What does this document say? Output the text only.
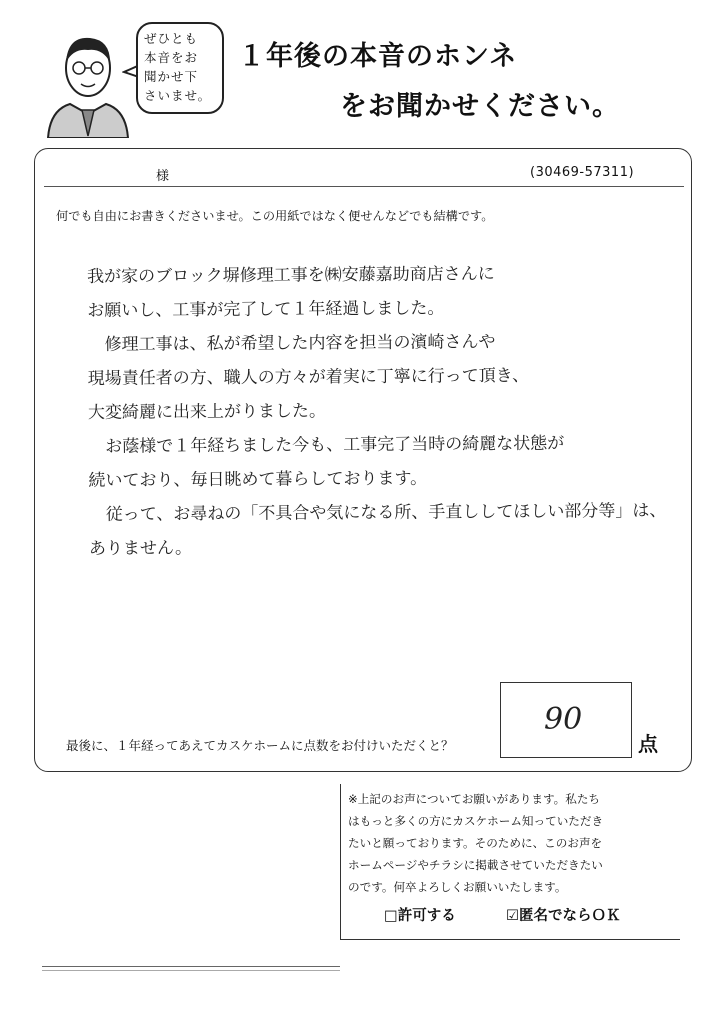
ぜひとも
本音をお
聞かせ下
さいませ。
１年後の本音のホンネ
をお聞かせください。
様	(30469-57311)
何でも自由にお書きくださいませ。この用紙ではなく便せんなどでも結構です。
我が家のブロック塀修理工事を㈱安藤嘉助商店さんに
お願いし、工事が完了して１年経過しました。
　修理工事は、私が希望した内容を担当の濱崎さんや
現場責任者の方、職人の方々が着実に丁寧に行って頂き、
大変綺麗に出来上がりました。
　お蔭様で１年経ちました今も、工事完了当時の綺麗な状態が
続いており、毎日眺めて暮らしております。
　従って、お尋ねの「不具合や気になる所、手直ししてほしい部分等」は、
ありません。
最後に、１年経ってあえてカスケホームに点数をお付けいただくと？
90
点
※上記のお声についてお願いがあります。私たち
はもっと多くの方にカスケホーム知っていただき
たいと願っております。そのために、このお声を
ホームページやチラシに掲載させていただきたい
のです。何卒よろしくお願いいたします。
□許可する	☑匿名でならＯＫ
